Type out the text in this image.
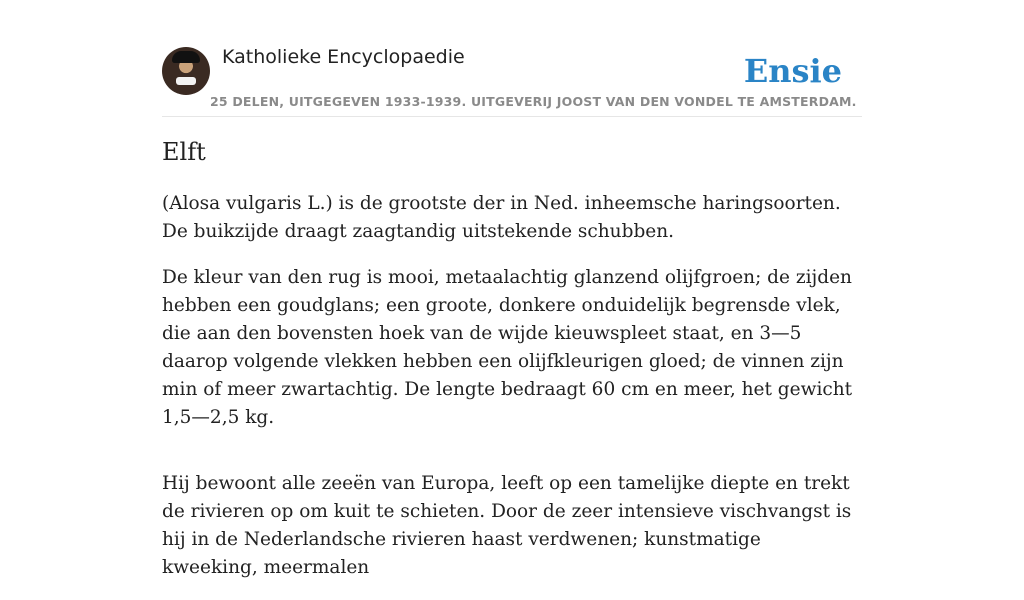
Katholieke Encyclopaedie	Ensie
25 DELEN, UITGEGEVEN 1933-1939. UITGEVERIJ JOOST VAN DEN VONDEL TE AMSTERDAM.
Elft

(Alosa vulgaris L.) is de grootste der in Ned. inheemsche haringsoorten. De buikzijde draagt zaagtandig uitstekende schubben.

De kleur van den rug is mooi, metaalachtig glanzend olijfgroen; de zijden hebben een goudglans; een groote, donkere onduidelijk begrensde vlek, die aan den bovensten hoek van de wijde kieuwspleet staat, en 3—5 daarop volgende vlekken hebben een olijfkleurigen gloed; de vinnen zijn min of meer zwartachtig. De lengte bedraagt 60 cm en meer, het gewicht 1,5—2,5 kg.

Hij bewoont alle zeeën van Europa, leeft op een tamelijke diepte en trekt de rivieren op om kuit te schieten. Door de zeer intensieve vischvangst is hij in de Nederlandsche rivieren haast verdwenen; kunstmatige kweeking, meermalen
